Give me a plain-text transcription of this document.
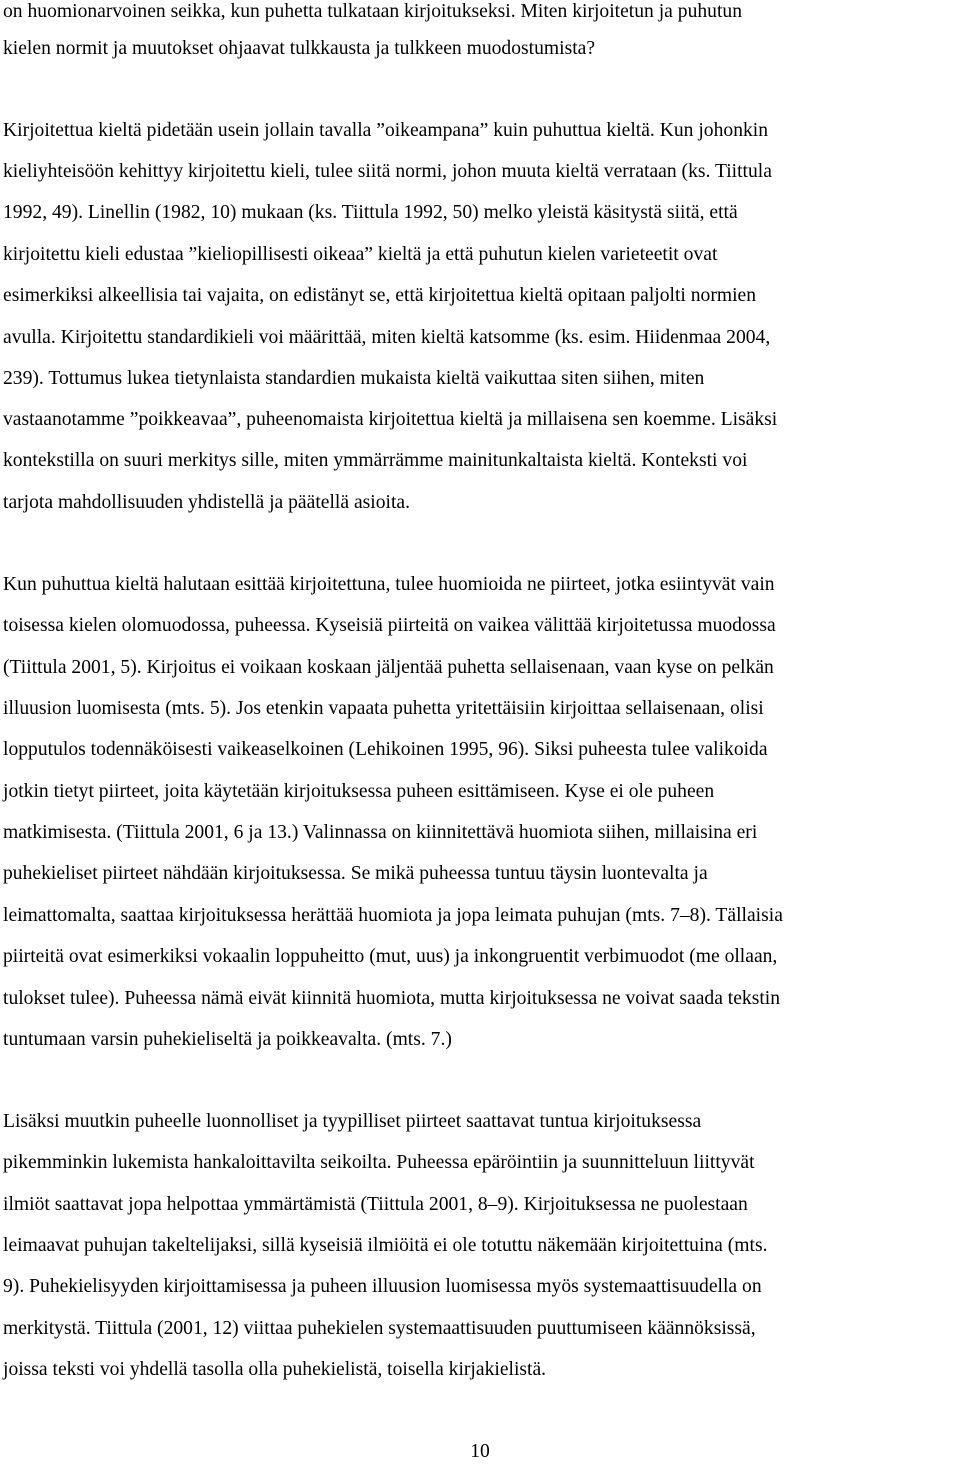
on huomionarvoinen seikka, kun puhetta tulkataan kirjoitukseksi. Miten kirjoitetun ja puhutun

kielen normit ja muutokset ohjaavat tulkkausta ja tulkkeen muodostumista?

Kirjoitettua kieltä pidetään usein jollain tavalla ”oikeampana” kuin puhuttua kieltä. Kun johonkin

kieliyhteisöön kehittyy kirjoitettu kieli, tulee siitä normi, johon muuta kieltä verrataan (ks. Tiittula

1992, 49). Linellin (1982, 10) mukaan (ks. Tiittula 1992, 50) melko yleistä käsitystä siitä, että

kirjoitettu kieli edustaa ”kieliopillisesti oikeaa” kieltä ja että puhutun kielen varieteetit ovat

esimerkiksi alkeellisia tai vajaita, on edistänyt se, että kirjoitettua kieltä opitaan paljolti normien

avulla. Kirjoitettu standardikieli voi määrittää, miten kieltä katsomme (ks. esim. Hiidenmaa 2004,

239). Tottumus lukea tietynlaista standardien mukaista kieltä vaikuttaa siten siihen, miten

vastaanotamme ”poikkeavaa”, puheenomaista kirjoitettua kieltä ja millaisena sen koemme. Lisäksi

kontekstilla on suuri merkitys sille, miten ymmärrämme mainitunkaltaista kieltä. Konteksti voi

tarjota mahdollisuuden yhdistellä ja päätellä asioita.

Kun puhuttua kieltä halutaan esittää kirjoitettuna, tulee huomioida ne piirteet, jotka esiintyvät vain

toisessa kielen olomuodossa, puheessa. Kyseisiä piirteitä on vaikea välittää kirjoitetussa muodossa

(Tiittula 2001, 5). Kirjoitus ei voikaan koskaan jäljentää puhetta sellaisenaan, vaan kyse on pelkän

illuusion luomisesta (mts. 5). Jos etenkin vapaata puhetta yritettäisiin kirjoittaa sellaisenaan, olisi

lopputulos todennäköisesti vaikeaselkoinen (Lehikoinen 1995, 96). Siksi puheesta tulee valikoida

jotkin tietyt piirteet, joita käytetään kirjoituksessa puheen esittämiseen. Kyse ei ole puheen

matkimisesta. (Tiittula 2001, 6 ja 13.) Valinnassa on kiinnitettävä huomiota siihen, millaisina eri

puhekieliset piirteet nähdään kirjoituksessa. Se mikä puheessa tuntuu täysin luontevalta ja

leimattomalta, saattaa kirjoituksessa herättää huomiota ja jopa leimata puhujan (mts. 7–8). Tällaisia

piirteitä ovat esimerkiksi vokaalin loppuheitto (mut, uus) ja inkongruentit verbimuodot (me ollaan,

tulokset tulee). Puheessa nämä eivät kiinnitä huomiota, mutta kirjoituksessa ne voivat saada tekstin

tuntumaan varsin puhekieliseltä ja poikkeavalta. (mts. 7.)

Lisäksi muutkin puheelle luonnolliset ja tyypilliset piirteet saattavat tuntua kirjoituksessa

pikemminkin lukemista hankaloittavilta seikoilta. Puheessa epäröintiin ja suunnitteluun liittyvät

ilmiöt saattavat jopa helpottaa ymmärtämistä (Tiittula 2001, 8–9). Kirjoituksessa ne puolestaan

leimaavat puhujan takeltelijaksi, sillä kyseisiä ilmiöitä ei ole totuttu näkemään kirjoitettuina (mts.

9). Puhekielisyyden kirjoittamisessa ja puheen illuusion luomisessa myös systemaattisuudella on

merkitystä. Tiittula (2001, 12) viittaa puhekielen systemaattisuuden puuttumiseen käännöksissä,

joissa teksti voi yhdellä tasolla olla puhekielistä, toisella kirjakielistä.

10
